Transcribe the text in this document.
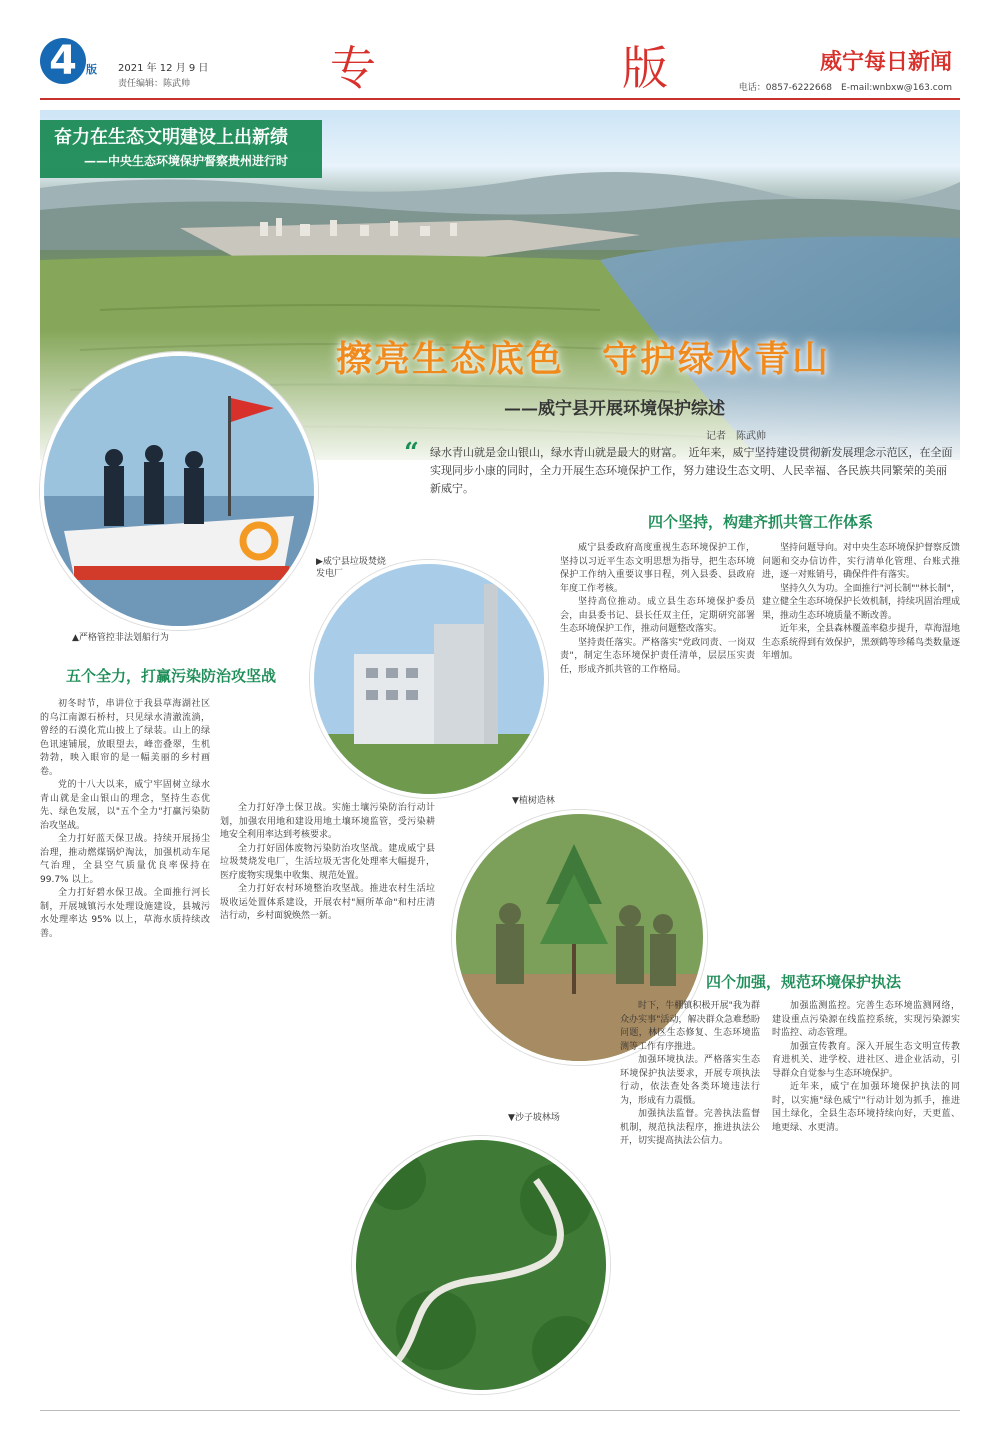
4 版 2021 年 12 月 9 日
责任编辑：陈武帅	专	版	威宁每日新闻
电话：0857-6222668　E-mail:wnbxw@163.com
奋力在生态文明建设上出新绩
——中央生态环境保护督察贵州进行时
擦亮生态底色　守护绿水青山
——威宁县开展环境保护综述
记者　陈武帅
▲严格管控非法划船行为
▶威宁县垃圾焚烧发电厂
▼植树造林
▼沙子坡林场
“	绿水青山就是金山银山，绿水青山就是最大的财富。　近年来，威宁坚持建设贯彻新发展理念示范区，在全面实现同步小康的同时，全力开展生态环境保护工作，努力建设生态文明、人民幸福、各民族共同繁荣的美丽新威宁。
五个全力，打赢污染防治攻坚战

初冬时节，串讲位于我县草海湖社区的乌江南源石桥村，只见绿水清澈流淌，曾经的石漠化荒山披上了绿装。山上的绿色讯速铺展，放眼望去，峰峦叠翠，生机勃勃，映入眼帘的是一幅美丽的乡村画卷。

党的十八大以来，威宁牢固树立绿水青山就是金山银山的理念，坚持生态优先、绿色发展，以"五个全力"打赢污染防治攻坚战。

全力打好蓝天保卫战。持续开展扬尘治理，推动燃煤锅炉淘汰，加强机动车尾气治理，全县空气质量优良率保持在 99.7% 以上。

全力打好碧水保卫战。全面推行河长制，开展城镇污水处理设施建设，县城污水处理率达 95% 以上，草海水质持续改善。

全力打好净土保卫战。实施土壤污染防治行动计划，加强农用地和建设用地土壤环境监管，受污染耕地安全利用率达到考核要求。

全力打好固体废物污染防治攻坚战。建成威宁县垃圾焚烧发电厂，生活垃圾无害化处理率大幅提升，医疗废物实现集中收集、规范处置。

全力打好农村环境整治攻坚战。推进农村生活垃圾收运处置体系建设，开展农村"厕所革命"和村庄清洁行动，乡村面貌焕然一新。

四个坚持，构建齐抓共管工作体系

威宁县委政府高度重视生态环境保护工作，坚持以习近平生态文明思想为指导，把生态环境保护工作纳入重要议事日程，列入县委、县政府年度工作考核。

坚持高位推动。成立县生态环境保护委员会，由县委书记、县长任双主任，定期研究部署生态环境保护工作，推动问题整改落实。

坚持责任落实。严格落实"党政同责、一岗双责"，制定生态环境保护责任清单，层层压实责任，形成齐抓共管的工作格局。

坚持问题导向。对中央生态环境保护督察反馈问题和交办信访件，实行清单化管理、台账式推进，逐一对账销号，确保件件有落实。

坚持久久为功。全面推行"河长制""林长制"，建立健全生态环境保护长效机制，持续巩固治理成果，推动生态环境质量不断改善。

近年来，全县森林覆盖率稳步提升，草海湿地生态系统得到有效保护，黑颈鹤等珍稀鸟类数量逐年增加。

四个加强，规范环境保护执法

时下，牛棚镇积极开展"我为群众办实事"活动，解决群众急难愁盼问题，林区生态修复、生态环境监测等工作有序推进。

加强环境执法。严格落实生态环境保护执法要求，开展专项执法行动，依法查处各类环境违法行为，形成有力震慑。

加强执法监督。完善执法监督机制，规范执法程序，推进执法公开，切实提高执法公信力。

加强监测监控。完善生态环境监测网络，建设重点污染源在线监控系统，实现污染源实时监控、动态管理。

加强宣传教育。深入开展生态文明宣传教育进机关、进学校、进社区、进企业活动，引导群众自觉参与生态环境保护。

近年来，威宁在加强环境保护执法的同时，以实施"绿色威宁"行动计划为抓手，推进国土绿化，全县生态环境持续向好，天更蓝、地更绿、水更清。
